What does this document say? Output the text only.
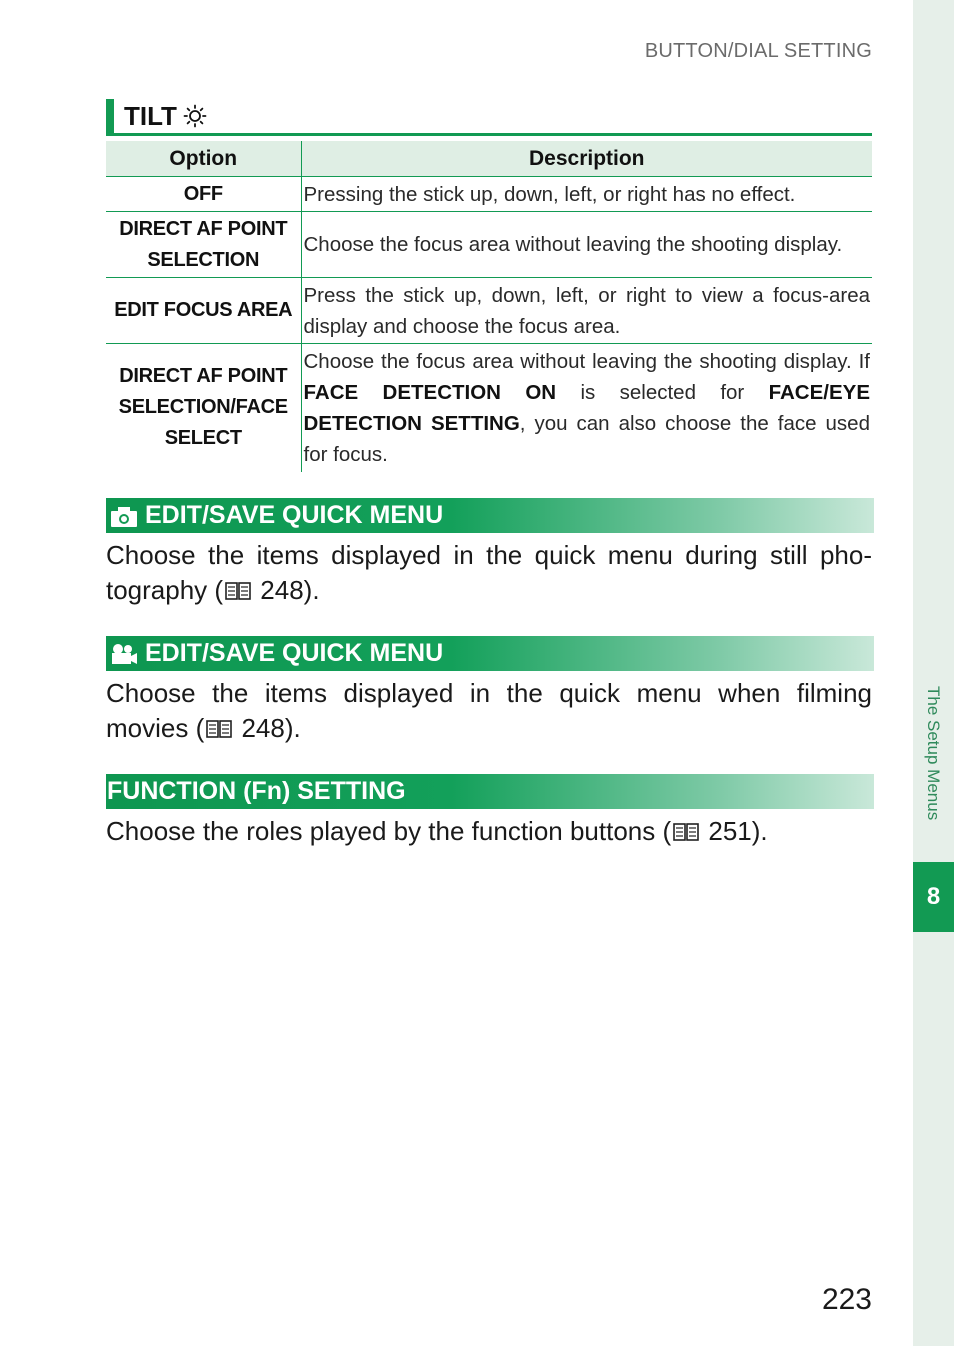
The Setup Menus
8
BUTTON/DIAL SETTING
TILT
Option	Description
OFF	Pressing the stick up, down, left, or right has no effect.
DIRECT AF POINT
SELECTION	Choose the focus area without leaving the shooting display.
EDIT FOCUS AREA	Press the stick up, down, left, or right to view a focus-area display and choose the focus area.
DIRECT AF POINT
SELECTION/FACE
SELECT	Choose the focus area without leaving the shooting display. If FACE DETECTION ON is selected for FACE/EYE DETECTION SETTING, you can also choose the face used for focus.
EDIT/SAVE QUICK MENU
Choose the items displayed in the quick menu during still photography ( 248).
EDIT/SAVE QUICK MENU
Choose the items displayed in the quick menu when filming movies ( 248).
FUNCTION (Fn) SETTING
Choose the roles played by the function buttons ( 251).
223
